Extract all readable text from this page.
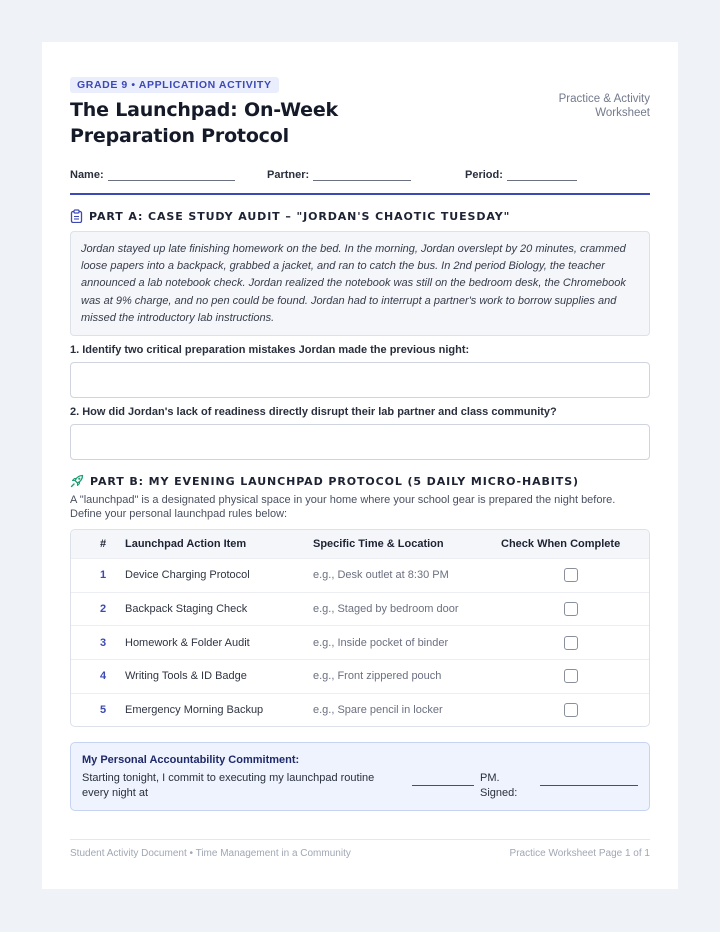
GRADE 9 • APPLICATION ACTIVITY
The Launchpad: On-Week Preparation Protocol
Practice & Activity Worksheet
Name:	Partner:	Period:
PART A: CASE STUDY AUDIT – "JORDAN'S CHAOTIC TUESDAY"
Jordan stayed up late finishing homework on the bed. In the morning, Jordan overslept by 20 minutes, crammed loose papers into a backpack, grabbed a jacket, and ran to catch the bus. In 2nd period Biology, the teacher announced a lab notebook check. Jordan realized the notebook was still on the bedroom desk, the Chromebook was at 9% charge, and no pen could be found. Jordan had to interrupt a partner's work to borrow supplies and missed the introductory lab instructions.
1. Identify two critical preparation mistakes Jordan made the previous night:
2. How did Jordan's lack of readiness directly disrupt their lab partner and class community?
PART B: MY EVENING LAUNCHPAD PROTOCOL (5 DAILY MICRO-HABITS)
A "launchpad" is a designated physical space in your home where your school gear is prepared the night before. Define your personal launchpad rules below:
#	Launchpad Action Item	Specific Time & Location	Check When Complete
1	Device Charging Protocol	e.g., Desk outlet at 8:30 PM
2	Backpack Staging Check	e.g., Staged by bedroom door
3	Homework & Folder Audit	e.g., Inside pocket of binder
4	Writing Tools & ID Badge	e.g., Front zippered pouch
5	Emergency Morning Backup	e.g., Spare pencil in locker
My Personal Accountability Commitment:
Starting tonight, I commit to executing my launchpad routine every night at
PM. Signed:
Student Activity Document • Time Management in a Community	Practice Worksheet Page 1 of 1
